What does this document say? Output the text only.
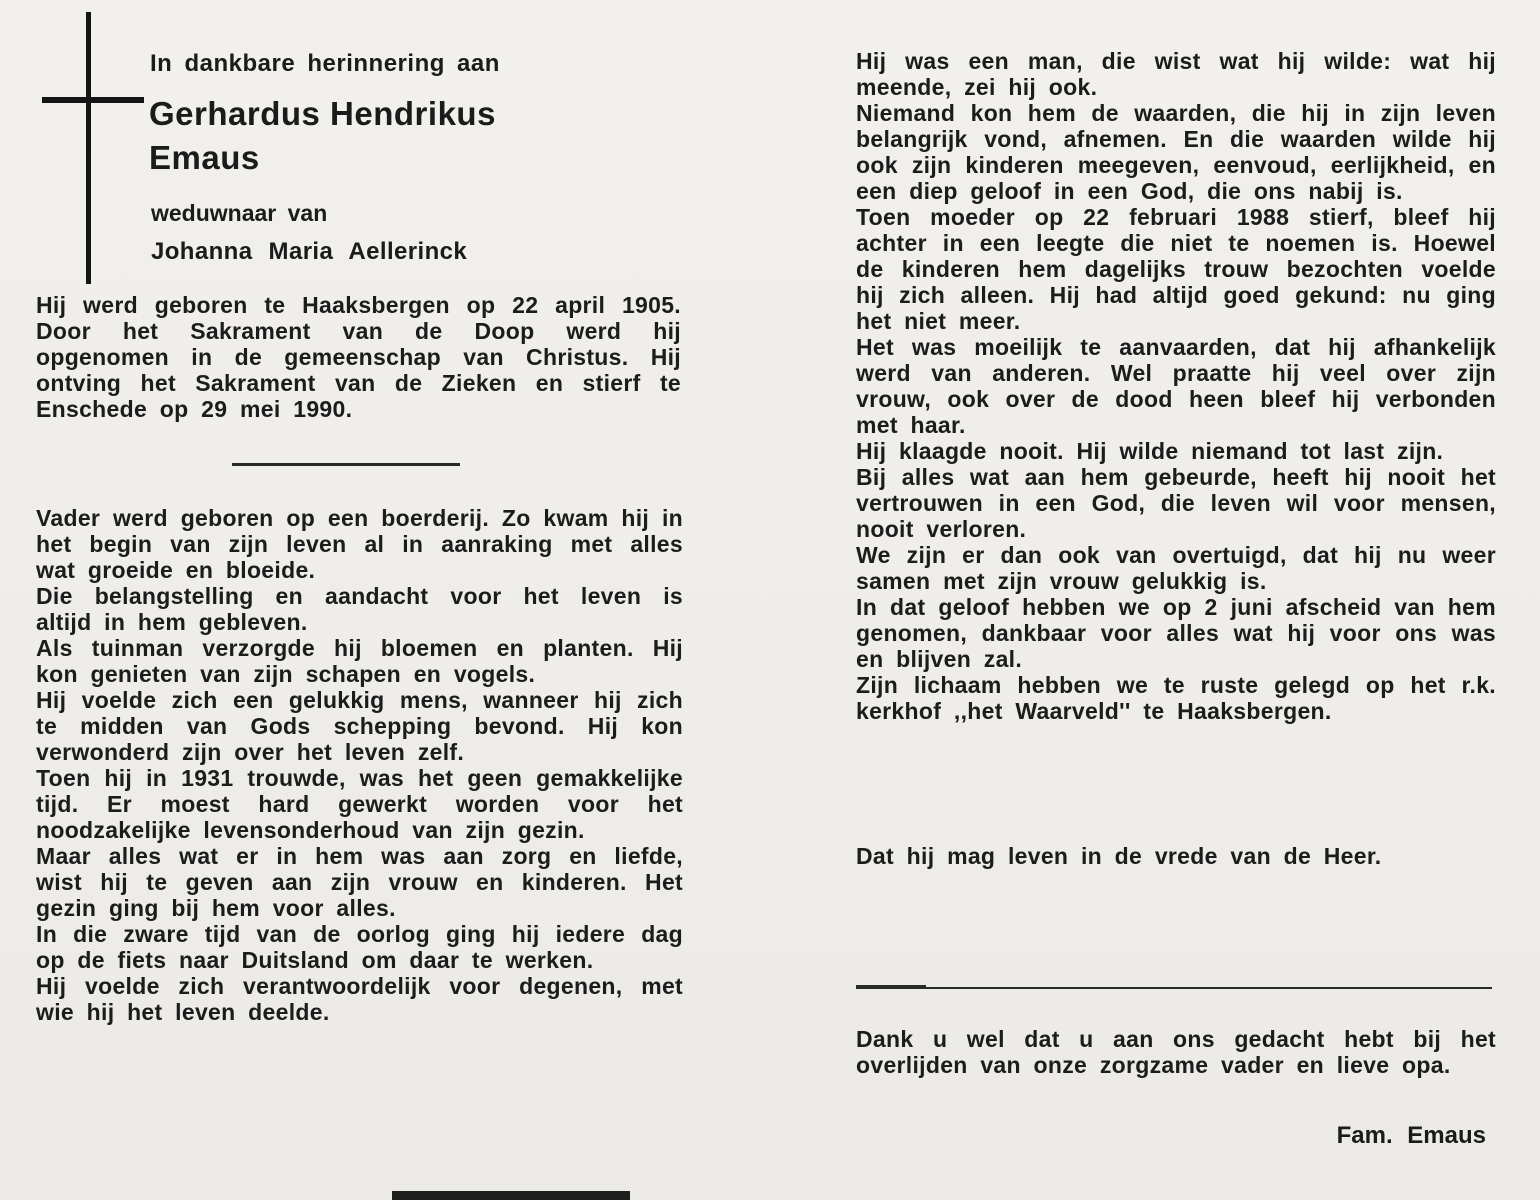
In dankbare herinnering aan
Gerhardus Hendrikus Emaus
weduwnaar van
Johanna Maria Aellerinck

Hij werd geboren te Haaksbergen op 22 april 1905. Door het Sakrament van de Doop werd hij opgenomen in de gemeenschap van Christus. Hij ontving het Sakrament van de Zieken en stierf te Enschede op 29 mei 1990.

Vader werd geboren op een boerderij. Zo kwam hij in het begin van zijn leven al in aanraking met alles wat groeide en bloeide.

Die belangstelling en aandacht voor het leven is altijd in hem gebleven.

Als tuinman verzorgde hij bloemen en planten. Hij kon genieten van zijn schapen en vogels.

Hij voelde zich een gelukkig mens, wanneer hij zich te midden van Gods schepping bevond. Hij kon verwonderd zijn over het leven zelf.

Toen hij in 1931 trouwde, was het geen gemakkelijke tijd. Er moest hard gewerkt worden voor het noodzakelijke levensonderhoud van zijn gezin.

Maar alles wat er in hem was aan zorg en liefde, wist hij te geven aan zijn vrouw en kinderen. Het gezin ging bij hem voor alles.

In die zware tijd van de oorlog ging hij iedere dag op de fiets naar Duitsland om daar te werken.

Hij voelde zich verantwoordelijk voor degenen, met wie hij het leven deelde.

Hij was een man, die wist wat hij wilde: wat hij meende, zei hij ook.

Niemand kon hem de waarden, die hij in zijn leven belangrijk vond, afnemen. En die waarden wilde hij ook zijn kinderen meegeven, eenvoud, eerlijkheid, en een diep geloof in een God, die ons nabij is.

Toen moeder op 22 februari 1988 stierf, bleef hij achter in een leegte die niet te noemen is. Hoewel de kinderen hem dagelijks trouw bezochten voelde hij zich alleen. Hij had altijd goed gekund: nu ging het niet meer.

Het was moeilijk te aanvaarden, dat hij afhankelijk werd van anderen. Wel praatte hij veel over zijn vrouw, ook over de dood heen bleef hij verbonden met haar.

Hij klaagde nooit. Hij wilde niemand tot last zijn.

Bij alles wat aan hem gebeurde, heeft hij nooit het vertrouwen in een God, die leven wil voor mensen, nooit verloren.

We zijn er dan ook van overtuigd, dat hij nu weer samen met zijn vrouw gelukkig is.

In dat geloof hebben we op 2 juni afscheid van hem genomen, dankbaar voor alles wat hij voor ons was en blijven zal.

Zijn lichaam hebben we te ruste gelegd op het r.k. kerkhof ,,het Waarveld'' te Haaksbergen.

Dat hij mag leven in de vrede van de Heer.

Dank u wel dat u aan ons gedacht hebt bij het overlijden van onze zorgzame vader en lieve opa.

Fam. Emaus
